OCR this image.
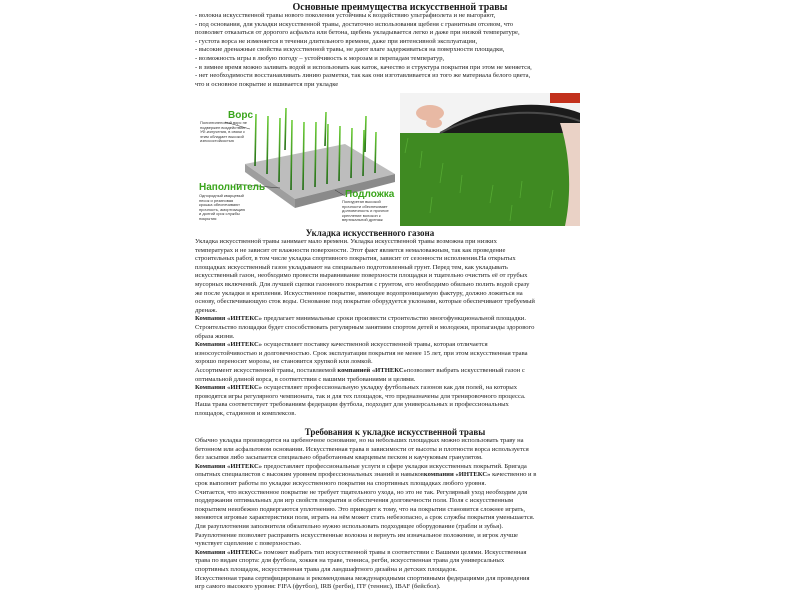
Основные преимущества искусственной травы
- волокна искусственной травы нового поколения устойчивы к воздействию ультрафиолета и не выгорают,
- под основания, для укладки искусственной травы, достаточно использования щебеня с гранитным отсевом, что
позволяет отказаться от дорогого асфальта или бетона, щебень укладывается легко и даже при низкой температуре,
- густота ворса не изменяется в течении длительного времени, даже при интенсивной эксплуатации,
- высокие дренажные свойства искусственной травы, не дают влаге задерживаться на поверхности площадки,
- возможность игры в любую погоду – устойчивость к морозам и перепадам температур,
- в зимнее время можно заливать водой и использовать как каток, качество и структура покрытия при этом не меняется,
- нет необходимости восстанавливать линию разметки, так как они изготавливается из того же материала белого цвета,
что и основное покрытие и вшивается при укладке
Ворс
Полиэтиленовый ворс не подвержен воздействию УФ-излучения, в связи с этим обладает высокой износостойкостью
Наполнитель
Однородный кварцевый песок и резиновая крошка обеспечивают прочность, амортизацию и долгий срок службы покрытия
Подложка
Полиуретан высокой прочности обеспечивает долговечность и прочное крепление волокон к вертикальной дренаж
Укладка искусственного газона
Укладка искусственной травы занимает мало времени. Укладка искусственной травы возможна при низких
температурах и не зависит от влажности поверхности. Этот факт является немаловажным, так как проведение
строительных работ, в том числе укладка спортивного покрытия, зависит от сезонности исполнения.На открытых
площадках искусственный газон укладывают на специально подготовленный грунт. Перед тем, как укладывать
искусственный газон, необходимо провести выравнивание поверхности площадки и тщательно очистить её от грубых
мусорных включений. Для лучшей сцепки газонного покрытия с грунтом, его необходимо обильно полить водой сразу
же после укладки и крепления. Искусственное покрытие, имеющее водопроницаемую фактуру, должно ложиться на
основу, обеспечивающую сток воды. Основание под покрытие оборудуется уклонами, которые обеспечивают требуемый
дренаж.
Компания «ИНТЕКС» предлагает минимальные сроки произвести строительство многофункциональной площадки.
Строительство площадки будет способствовать регулярным занятиям спортом детей и молодежи, пропаганды здорового
образа жизни.
Компания «ИНТЕКС» осуществляет поставку качественной искусственной травы, которая отличается
износоустойчивостью и долговечностью. Срок эксплуатации покрытия не менее 15 лет, при этом искусственная трава
хорошо переносит морозы, не становится хрупкой или ломкой.
Ассортимент искусственной травы, поставляемой компанией «ИТНЕКС»позволяет выбрать искусственный газон с
оптимальной длиной ворса, в соответствии с вашими требованиями и целями.
Компания «ИНТЕКС» осуществляет профессиональную укладку футбольных газонов как для полей, на которых
проводятся игры регулярного чемпионата, так и для тех площадок, что предназначены для тренировочного процесса.
Наша трава соответствует требованиям федерации футбола, подходит для универсальных и профессиональных
площадок, стадионов и комплексов.
Требования к укладке искусственной травы
Обычно укладка производится на щебеночное основание, но на небольших площадках можно использовать траву на
бетонном или асфальтовом основании. Искусственная трава в зависимости от высоты и плотности ворса используется
без засыпки либо засыпается специально обработанным кварцевым песком и каучуковым гранулятом.
Компания «ИНТЕКС» предоставляет профессиональные услуги в сфере укладки искусственных покрытий. Бригада
опытных специалистов с высоким уровнем профессиональных знаний и навыковкомпании «ИНТЕКС» качественно и в
срок выполнит работы по укладке искусственного покрытия на спортивных площадках любого уровня.
Считается, что искусственное покрытие не требует тщательного ухода, но это не так. Регулярный уход необходим для
поддержания оптимальных для игр свойств покрытия и обеспечения долговечности поля. Поля с искусственным
покрытием неизбежно подвергаются уплотнению. Это приводит к тому, что на покрытии становится сложнее играть,
меняются игровые характеристики поля, играть на нём может стать небезопасно, а срок службы покрытия уменьшается.
Для разуплотнения заполнителя обязательно нужно использовать подходящее оборудование (грабли и зубья).
Разуплотнение позволяет расправить искусственные волокна и вернуть им изначальное положение, и игрок лучше
чувствует сцепление с поверхностью.
Компания «ИНТЕКС» поможет выбрать тип искусственной травы в соответствии с Вашими целями. Искусственная
трава по видам спорта: для футбола, хоккея на траве, тенниса, регби, искусственная трава для универсальных
спортивных площадок, искусственная трава для ландшафтного дизайна и детских площадок.
Искусственная трава сертифицирована и рекомендована международными спортивными федерациями для проведения
игр самого высокого уровня: FIFA (футбол), IRB (регби), ITF (теннис), IBAF (бейсбол).
